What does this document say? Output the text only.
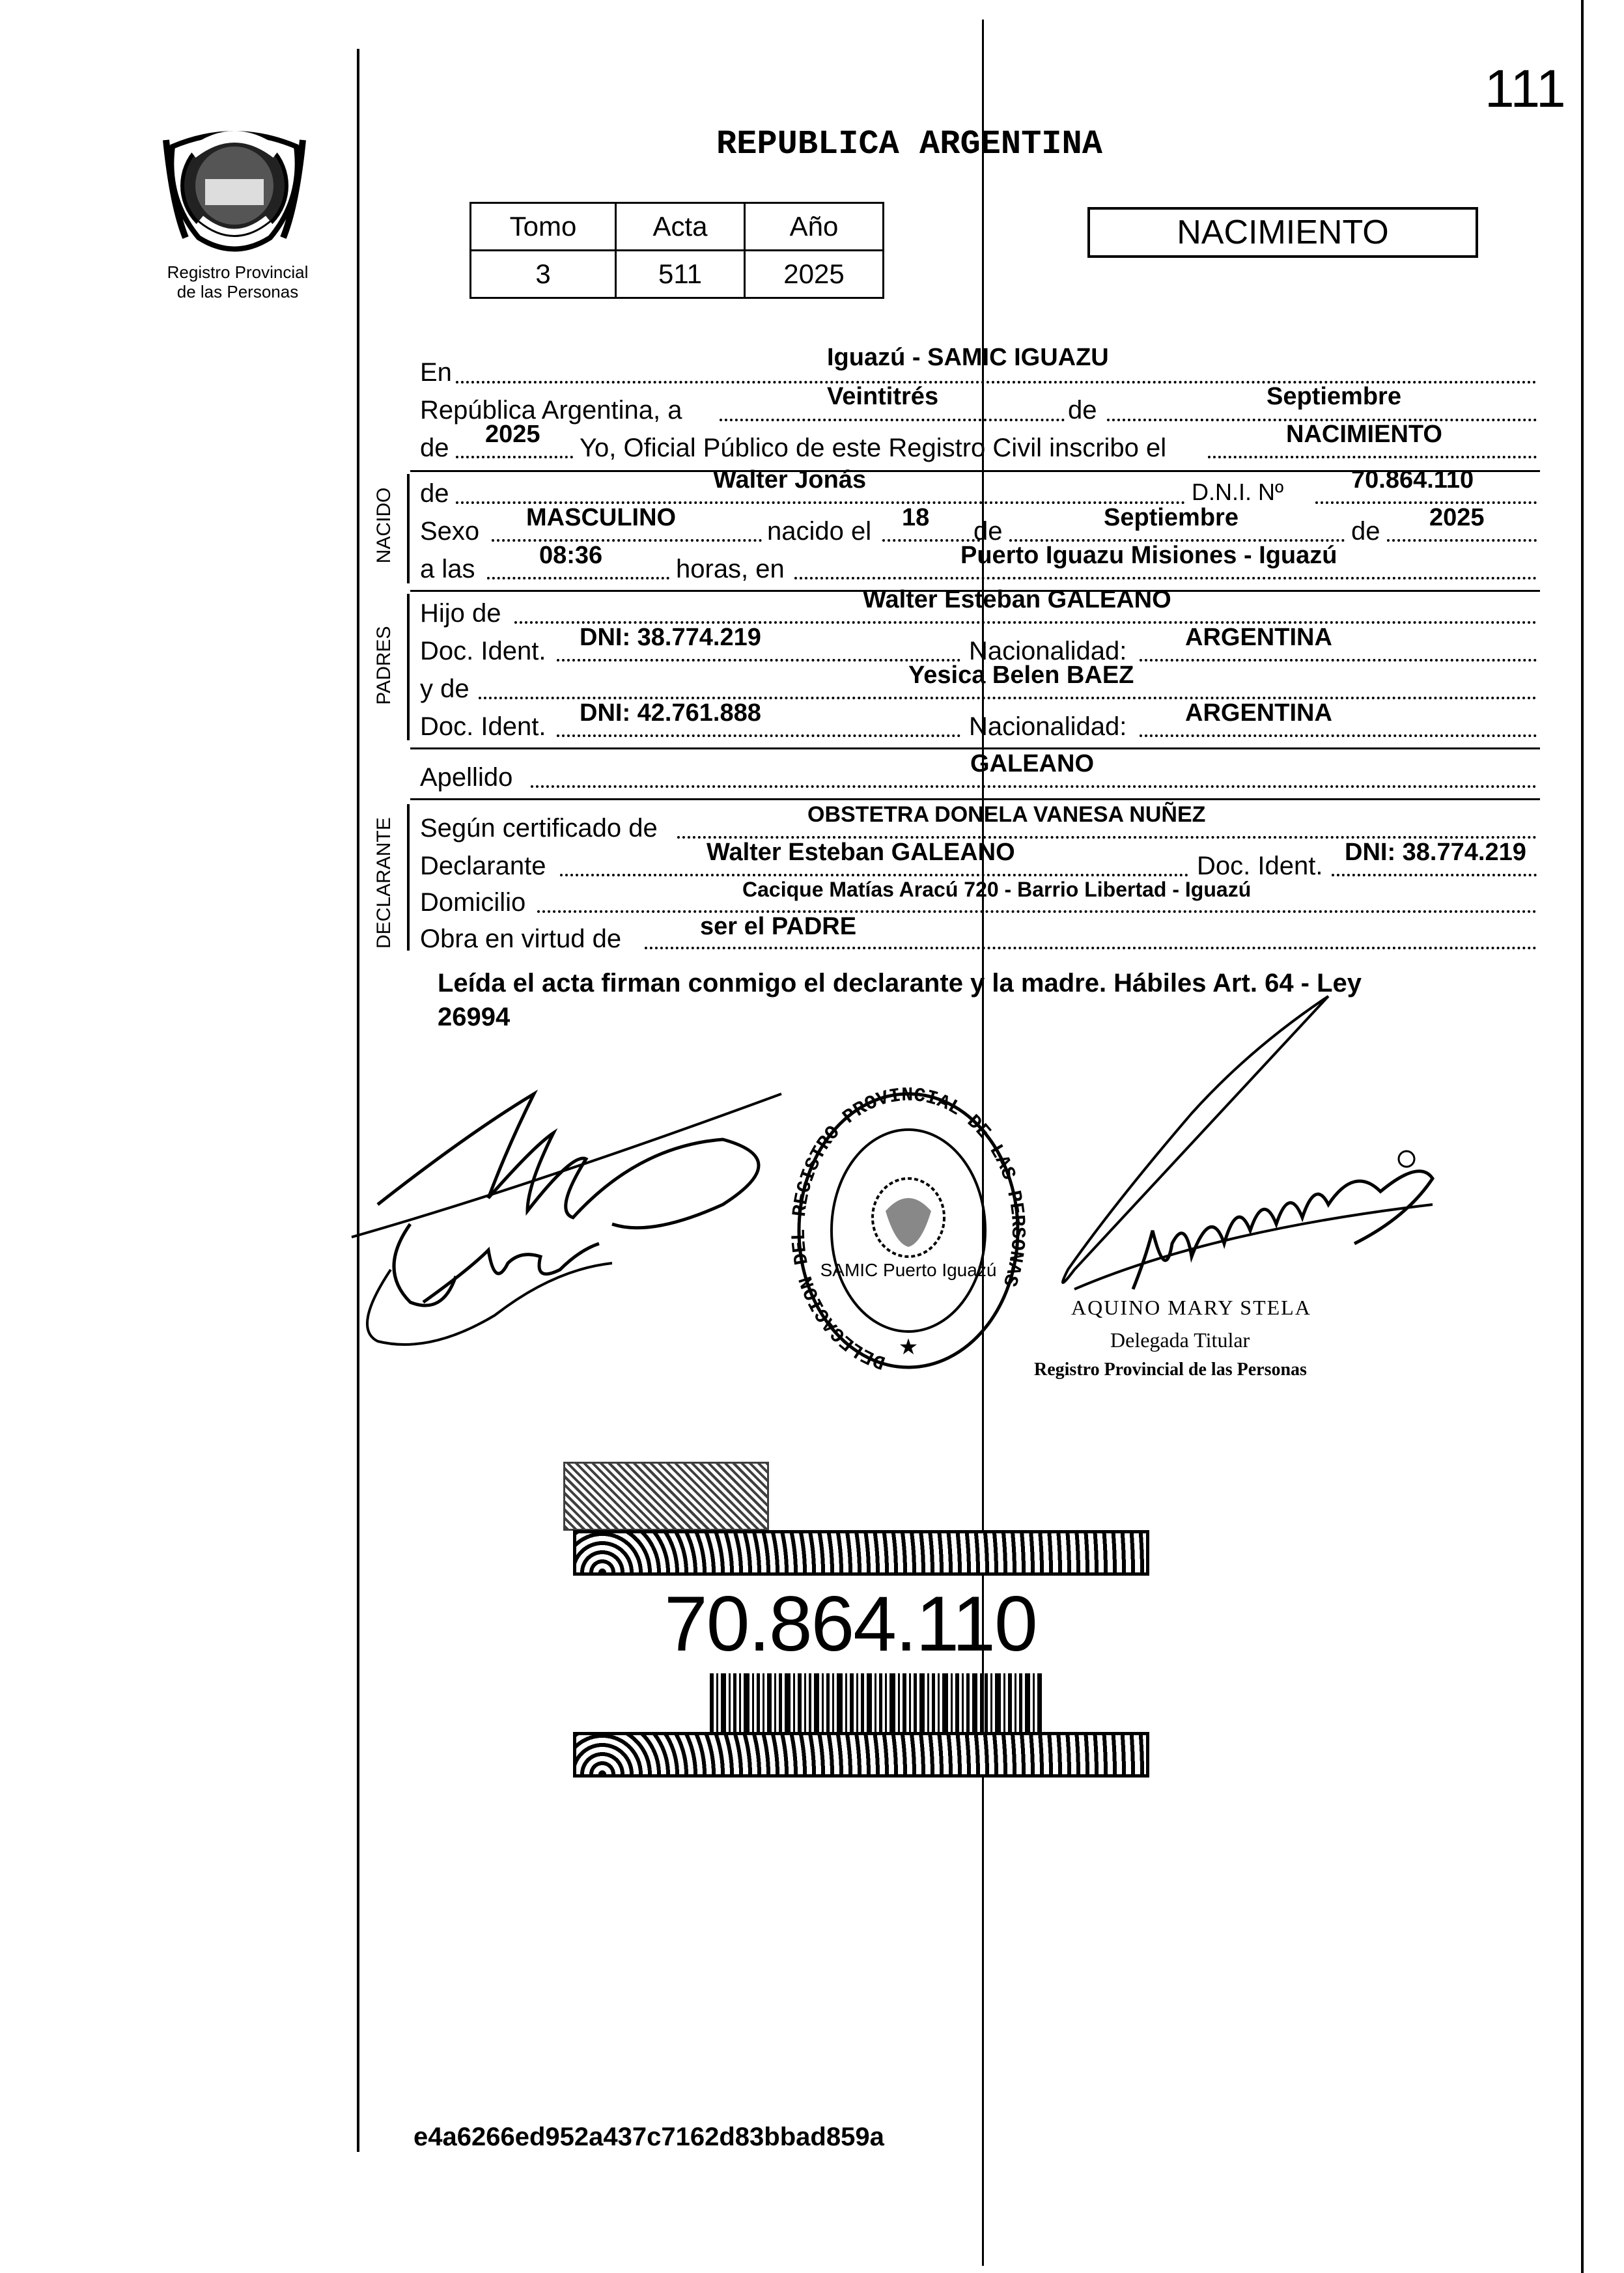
111
Registro Provincial
de las Personas
REPUBLICA ARGENTINA
Tomo	Acta	Año
3	511	2025
NACIMIENTO
En
Iguazú - SAMIC IGUAZU
República Argentina, a	Veintitrés	de	Septiembre
de 2025 Yo, Oficial Público de este Registro Civil inscribo el	NACIMIENTO
NACIDO de	Walter Jonás	D.N.I. Nº	70.864.110
Sexo MASCULINO	nacido el 18 de	Septiembre	de 2025
a las	08:36	horas, en	Puerto Iguazu Misiones - Iguazú
PADRES
Hijo de	Walter Esteban GALEANO
Doc. Ident. DNI: 38.774.219	Nacionalidad: ARGENTINA
y de	Yesica Belen BAEZ
Doc. Ident. DNI: 42.761.888	Nacionalidad: ARGENTINA
Apellido	GALEANO
DECLARANTE Según certificado de	OBSTETRA DONELA VANESA NUÑEZ
Declarante	Walter Esteban GALEANO	Doc. Ident. DNI: 38.774.219
Domicilio	Cacique Matías Aracú 720 - Barrio Libertad - Iguazú
Obra en virtud de	ser el PADRE
Leída el acta firman conmigo el declarante y la madre. Hábiles Art. 64 - Ley
26994
DELEGACION D REGISTRO PROVINCIAL DE LAS PE NAS
SAMIC Puerto Iguazú
★
AQUINO MARY STELA
Delegada Titular
Registro Provincial de las Personas
70.864.110
e4a6266ed952a437c7162d83bbad859a
